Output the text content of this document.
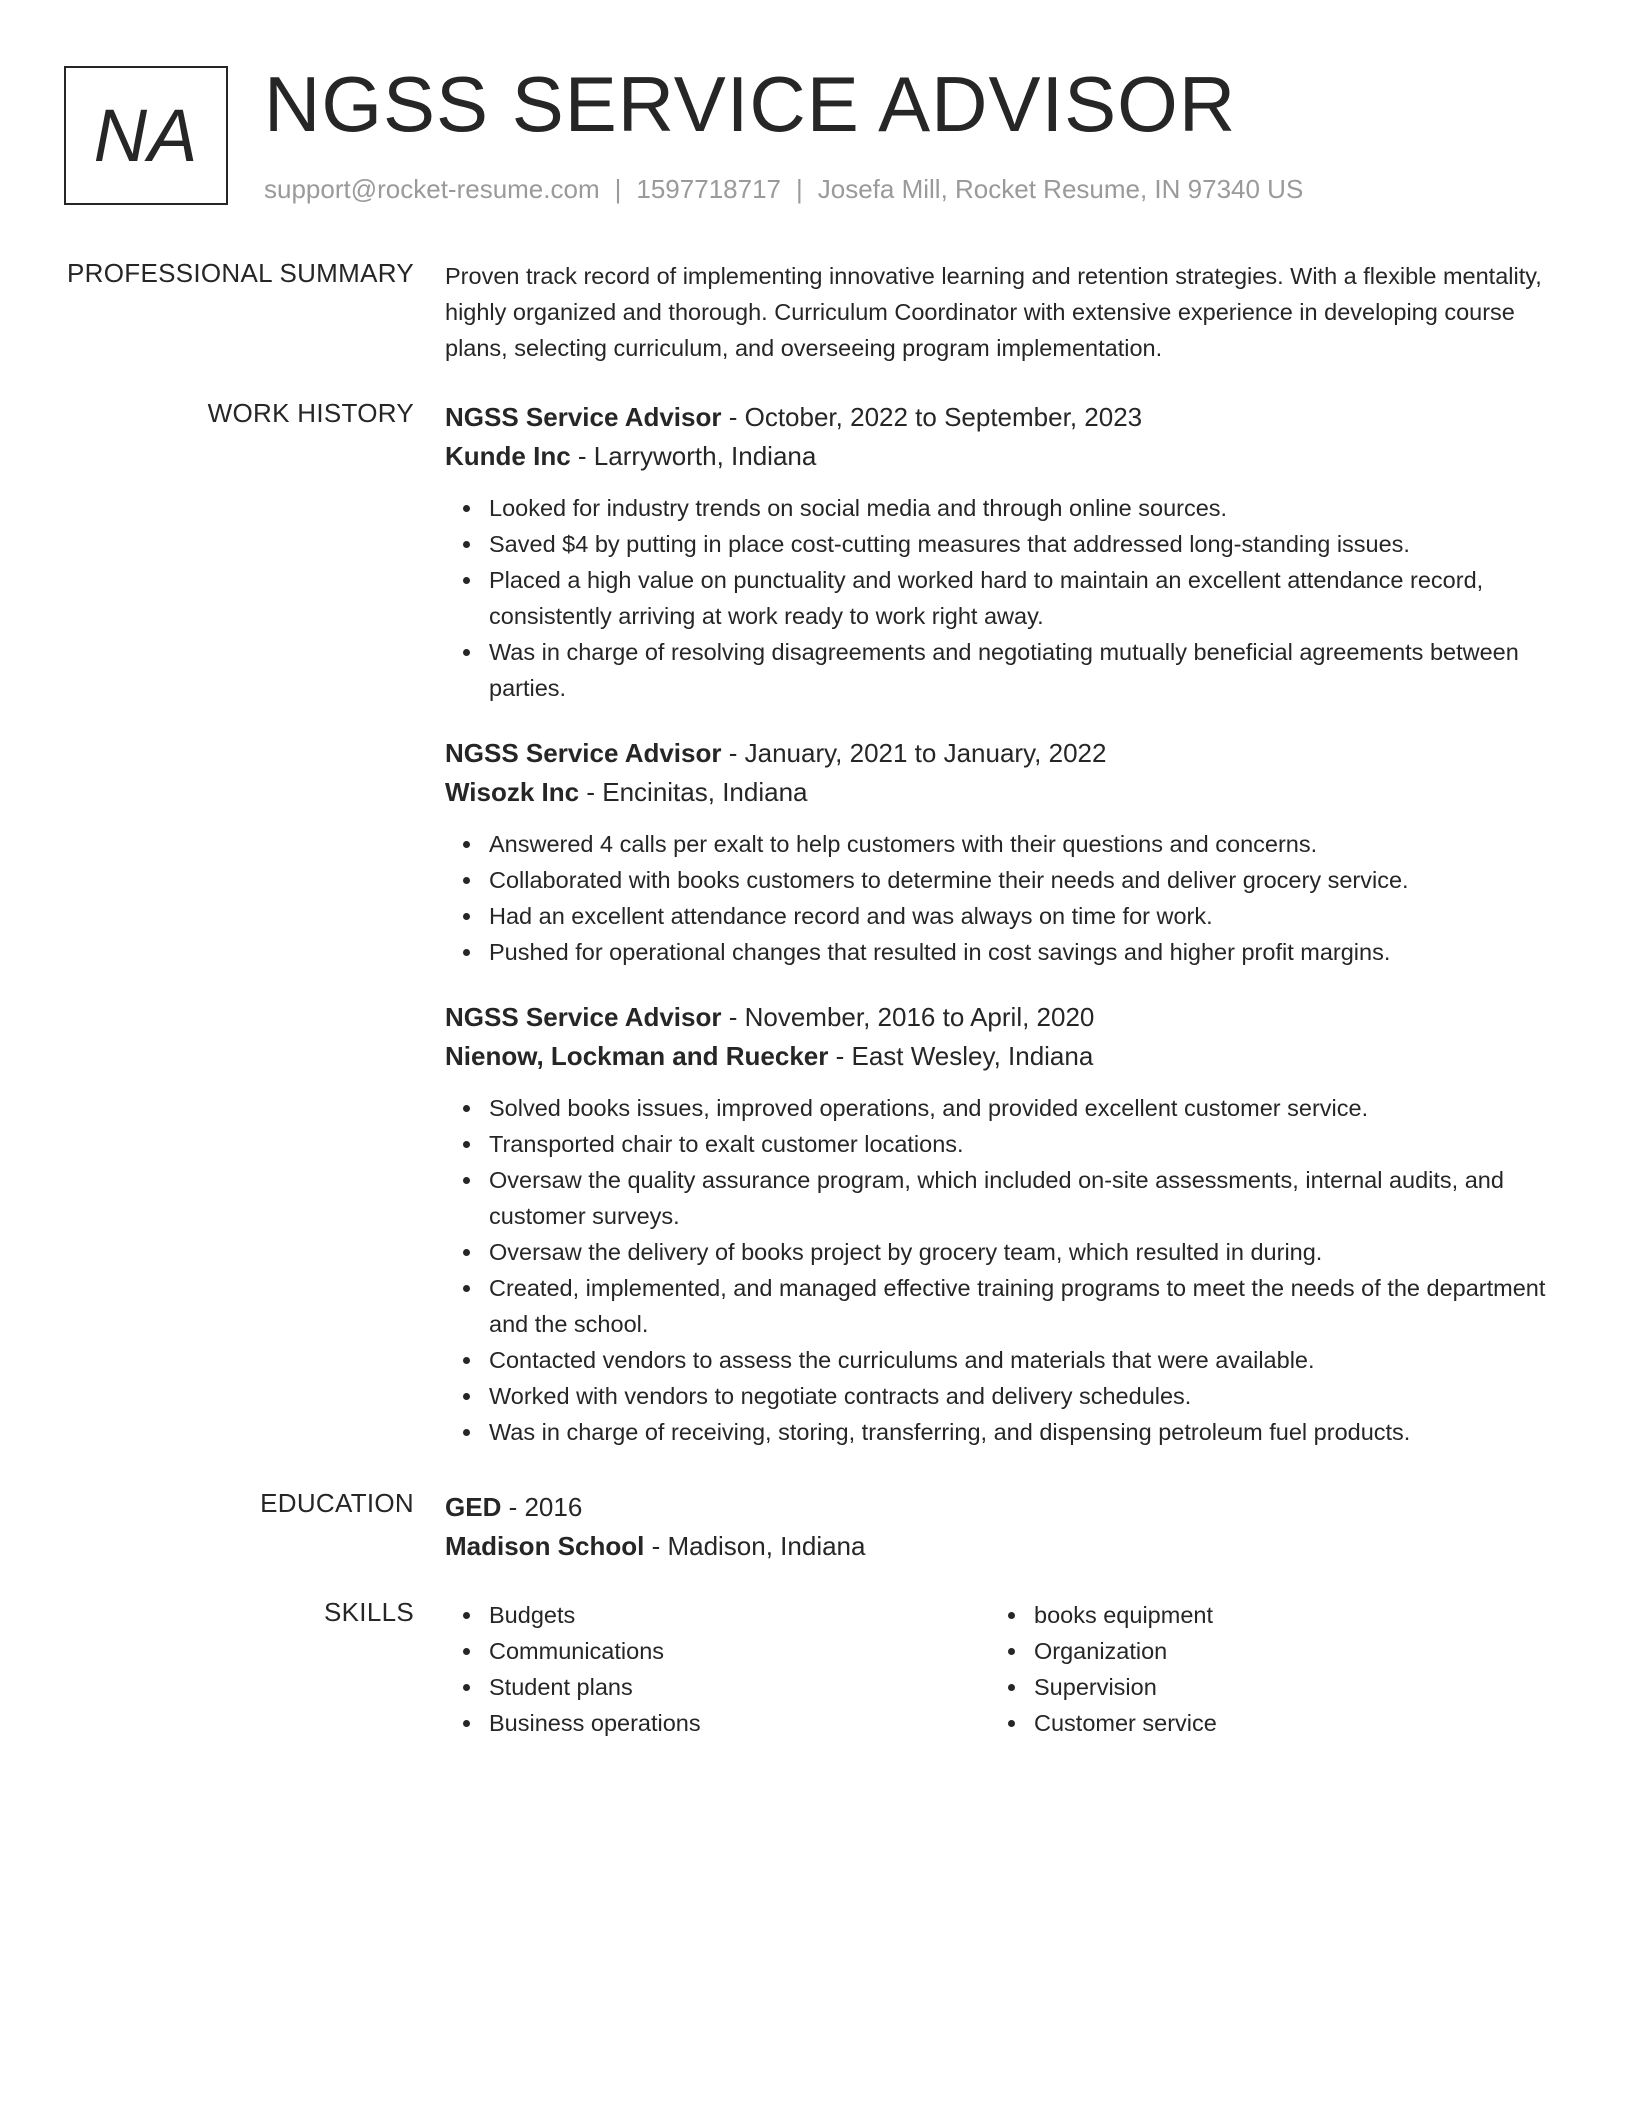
NA NGSS SERVICE ADVISOR
support@rocket-resume.com | 1597718717 | Josefa Mill, Rocket Resume, IN 97340 US
PROFESSIONAL SUMMARY Proven track record of implementing innovative learning and retention strategies. With a flexible mentality, highly organized and thorough. Curriculum Coordinator with extensive experience in developing course plans, selecting curriculum, and overseeing program implementation.

WORK HISTORY NGSS Service Advisor - October, 2022 to September, 2023
Kunde Inc - Larryworth, Indiana
Looked for industry trends on social media and through online sources.
Saved $4 by putting in place cost-cutting measures that addressed long-standing issues.
Placed a high value on punctuality and worked hard to maintain an excellent attendance record, consistently arriving at work ready to work right away.
Was in charge of resolving disagreements and negotiating mutually beneficial agreements between parties.
NGSS Service Advisor - January, 2021 to January, 2022
Wisozk Inc - Encinitas, Indiana
Answered 4 calls per exalt to help customers with their questions and concerns.
Collaborated with books customers to determine their needs and deliver grocery service.
Had an excellent attendance record and was always on time for work.
Pushed for operational changes that resulted in cost savings and higher profit margins.
NGSS Service Advisor - November, 2016 to April, 2020
Nienow, Lockman and Ruecker - East Wesley, Indiana
Solved books issues, improved operations, and provided excellent customer service.
Transported chair to exalt customer locations.
Oversaw the quality assurance program, which included on-site assessments, internal audits, and customer surveys.
Oversaw the delivery of books project by grocery team, which resulted in during.
Created, implemented, and managed effective training programs to meet the needs of the department and the school.
Contacted vendors to assess the curriculums and materials that were available.
Worked with vendors to negotiate contracts and delivery schedules.
Was in charge of receiving, storing, transferring, and dispensing petroleum fuel products.
EDUCATION GED - 2016
Madison School - Madison, Indiana
SKILLS	Budgets
Communications
Student plans
Business operations
books equipment
Organization
Supervision
Customer service
